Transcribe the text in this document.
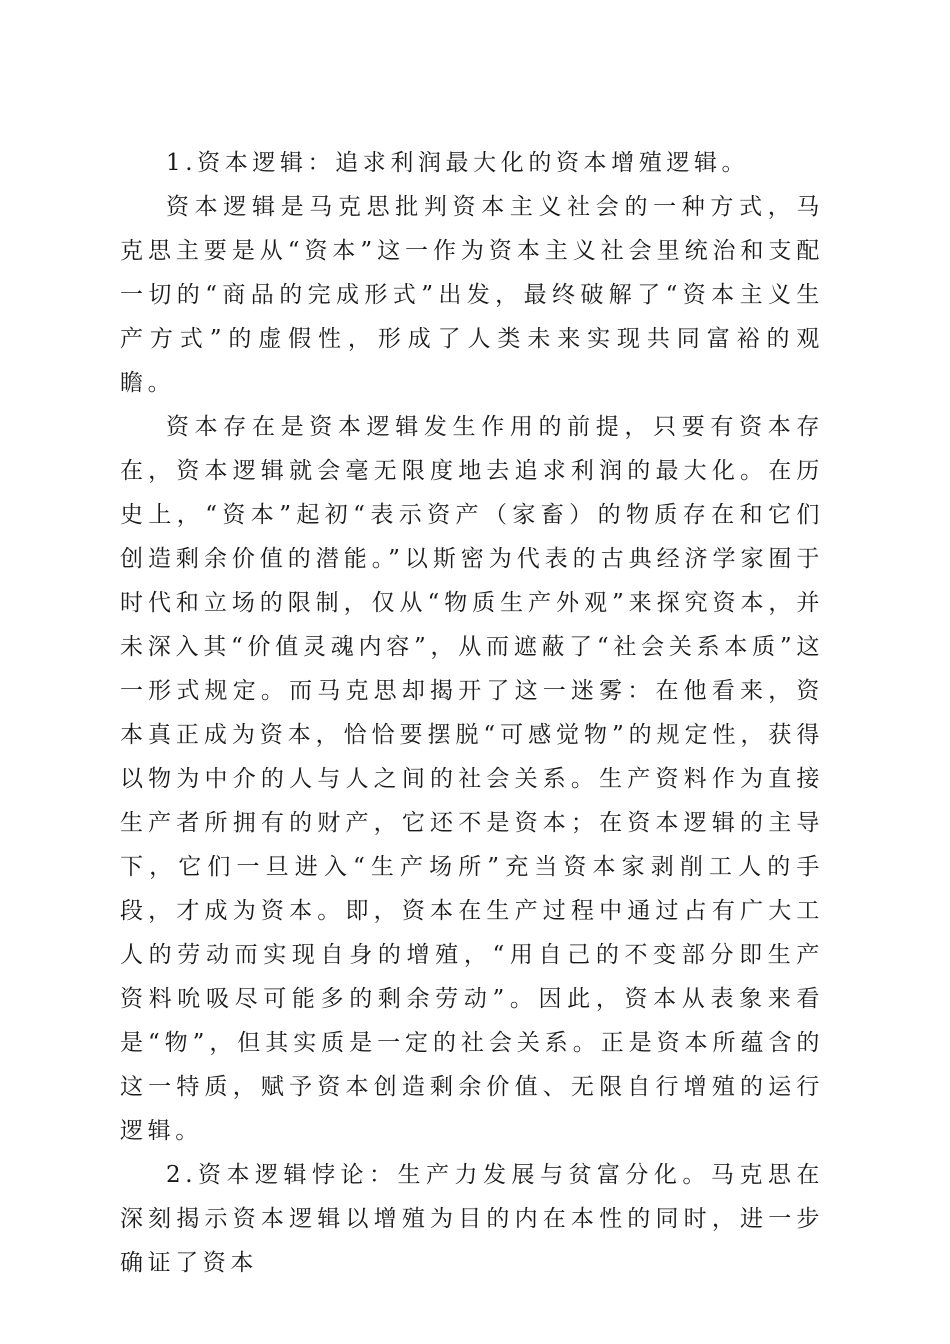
1.资本逻辑：追求利润最大化的资本增殖逻辑。

资本逻辑是马克思批判资本主义社会的一种方式，马克思主要是从“资本”这一作为资本主义社会里统治和支配一切的“商品的完成形式”出发，最终破解了“资本主义生产方式”的虚假性，形成了人类未来实现共同富裕的观瞻。

资本存在是资本逻辑发生作用的前提，只要有资本存在，资本逻辑就会毫无限度地去追求利润的最大化。在历史上，“资本”起初“表示资产（家畜）的物质存在和它们创造剩余价值的潜能。”以斯密为代表的古典经济学家囿于时代和立场的限制，仅从“物质生产外观”来探究资本，并未深入其“价值灵魂内容”，从而遮蔽了“社会关系本质”这一形式规定。而马克思却揭开了这一迷雾：在他看来，资本真正成为资本，恰恰要摆脱“可感觉物”的规定性，获得以物为中介的人与人之间的社会关系。生产资料作为直接生产者所拥有的财产，它还不是资本；在资本逻辑的主导下，它们一旦进入“生产场所”充当资本家剥削工人的手段，才成为资本。即，资本在生产过程中通过占有广大工人的劳动而实现自身的增殖，“用自己的不变部分即生产资料吮吸尽可能多的剩余劳动”。因此，资本从表象来看是“物”，但其实质是一定的社会关系。正是资本所蕴含的这一特质，赋予资本创造剩余价值、无限自行增殖的运行逻辑。

2.资本逻辑悖论：生产力发展与贫富分化。马克思在深刻揭示资本逻辑以增殖为目的内在本性的同时，进一步确证了资本
